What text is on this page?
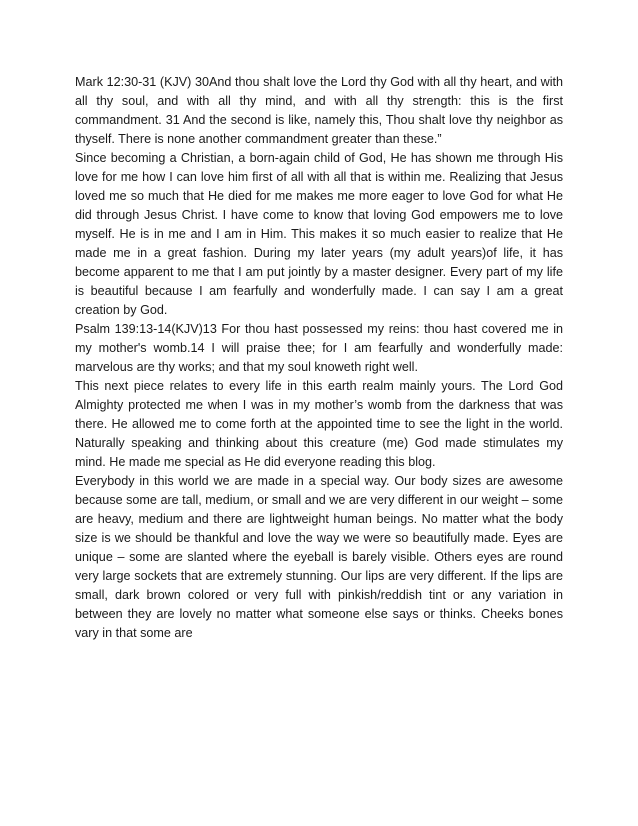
Mark 12:30-31 (KJV) 30And thou shalt love the Lord thy God with all thy heart, and with all thy soul, and with all thy mind, and with all thy strength: this is the first commandment. 31 And the second is like, namely this, Thou shalt love thy neighbor as thyself. There is none another commandment greater than these.”

Since becoming a Christian, a born-again child of God, He has shown me through His love for me how I can love him first of all with all that is within me. Realizing that Jesus loved me so much that He died for me makes me more eager to love God for what He did through Jesus Christ. I have come to know that loving God empowers me to love myself. He is in me and I am in Him. This makes it so much easier to realize that He made me in a great fashion. During my later years (my adult years)of life, it has become apparent to me that I am put jointly by a master designer. Every part of my life is beautiful because I am fearfully and wonderfully made. I can say I am a great creation by God.

Psalm 139:13-14(KJV)13 For thou hast possessed my reins: thou hast covered me in my mother's womb.14 I will praise thee; for I am fearfully and wonderfully made: marvelous are thy works; and that my soul knoweth right well.

This next piece relates to every life in this earth realm mainly yours. The Lord God Almighty protected me when I was in my mother’s womb from the darkness that was there. He allowed me to come forth at the appointed time to see the light in the world. Naturally speaking and thinking about this creature (me) God made stimulates my mind. He made me special as He did everyone reading this blog.

Everybody in this world we are made in a special way. Our body sizes are awesome because some are tall, medium, or small and we are very different in our weight – some are heavy, medium and there are lightweight human beings. No matter what the body size is we should be thankful and love the way we were so beautifully made. Eyes are unique – some are slanted where the eyeball is barely visible. Others eyes are round very large sockets that are extremely stunning. Our lips are very different. If the lips are small, dark brown colored or very full with pinkish/reddish tint or any variation in between they are lovely no matter what someone else says or thinks. Cheeks bones vary in that some are
